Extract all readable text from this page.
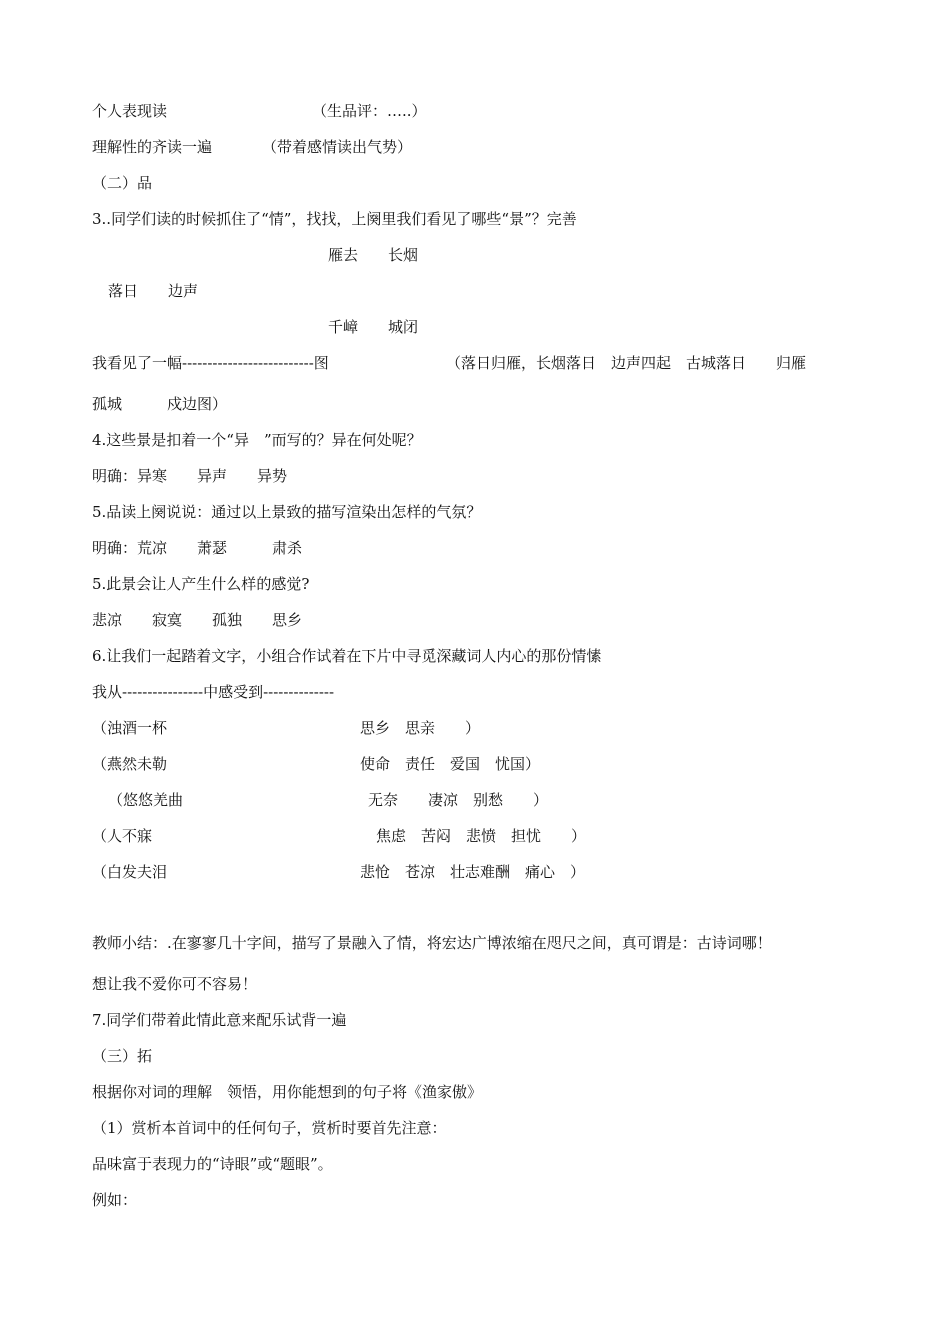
个人表现读	（生品评：…..）
理解性的齐读一遍	（带着感情读出气势）
（二）品
3..同学们读的时候抓住了“情”，找找，上阕里我们看见了哪些“景”？完善
雁去　　长烟
落日　　边声
千嶂　　城闭
我看见了一幅--------------------------图	（落日归雁，长烟落日　边声四起　古城落日　　归雁
孤城　　　戍边图）
4.这些景是扣着一个“异　”而写的？异在何处呢？
明确：异寒　　异声　　异势
5.品读上阕说说：通过以上景致的描写渲染出怎样的气氛？
明确：荒凉　　萧瑟　　　肃杀
5.此景会让人产生什么样的感觉?
悲凉　　寂寞　　孤独　　思乡
6.让我们一起踏着文字，小组合作试着在下片中寻觅深藏词人内心的那份情愫
我从----------------中感受到--------------
（浊酒一杯	思乡　思亲　　）
（燕然未勒	使命　责任　爱国　忧国）
（悠悠羌曲	无奈　　凄凉　别愁　　）
（人不寐	焦虑　苦闷　悲愤　担忧　　）
（白发夫泪	悲怆　苍凉　壮志难酬　痛心　）
教师小结：.在寥寥几十字间，描写了景融入了情，将宏达广博浓缩在咫尺之间，真可谓是：古诗词哪！
想让我不爱你可不容易！
7.同学们带着此情此意来配乐试背一遍
（三）拓
根据你对词的理解　领悟，用你能想到的句子将《渔家傲》
（1）赏析本首词中的任何句子，赏析时要首先注意：
品味富于表现力的“诗眼”或“题眼”。
例如：
